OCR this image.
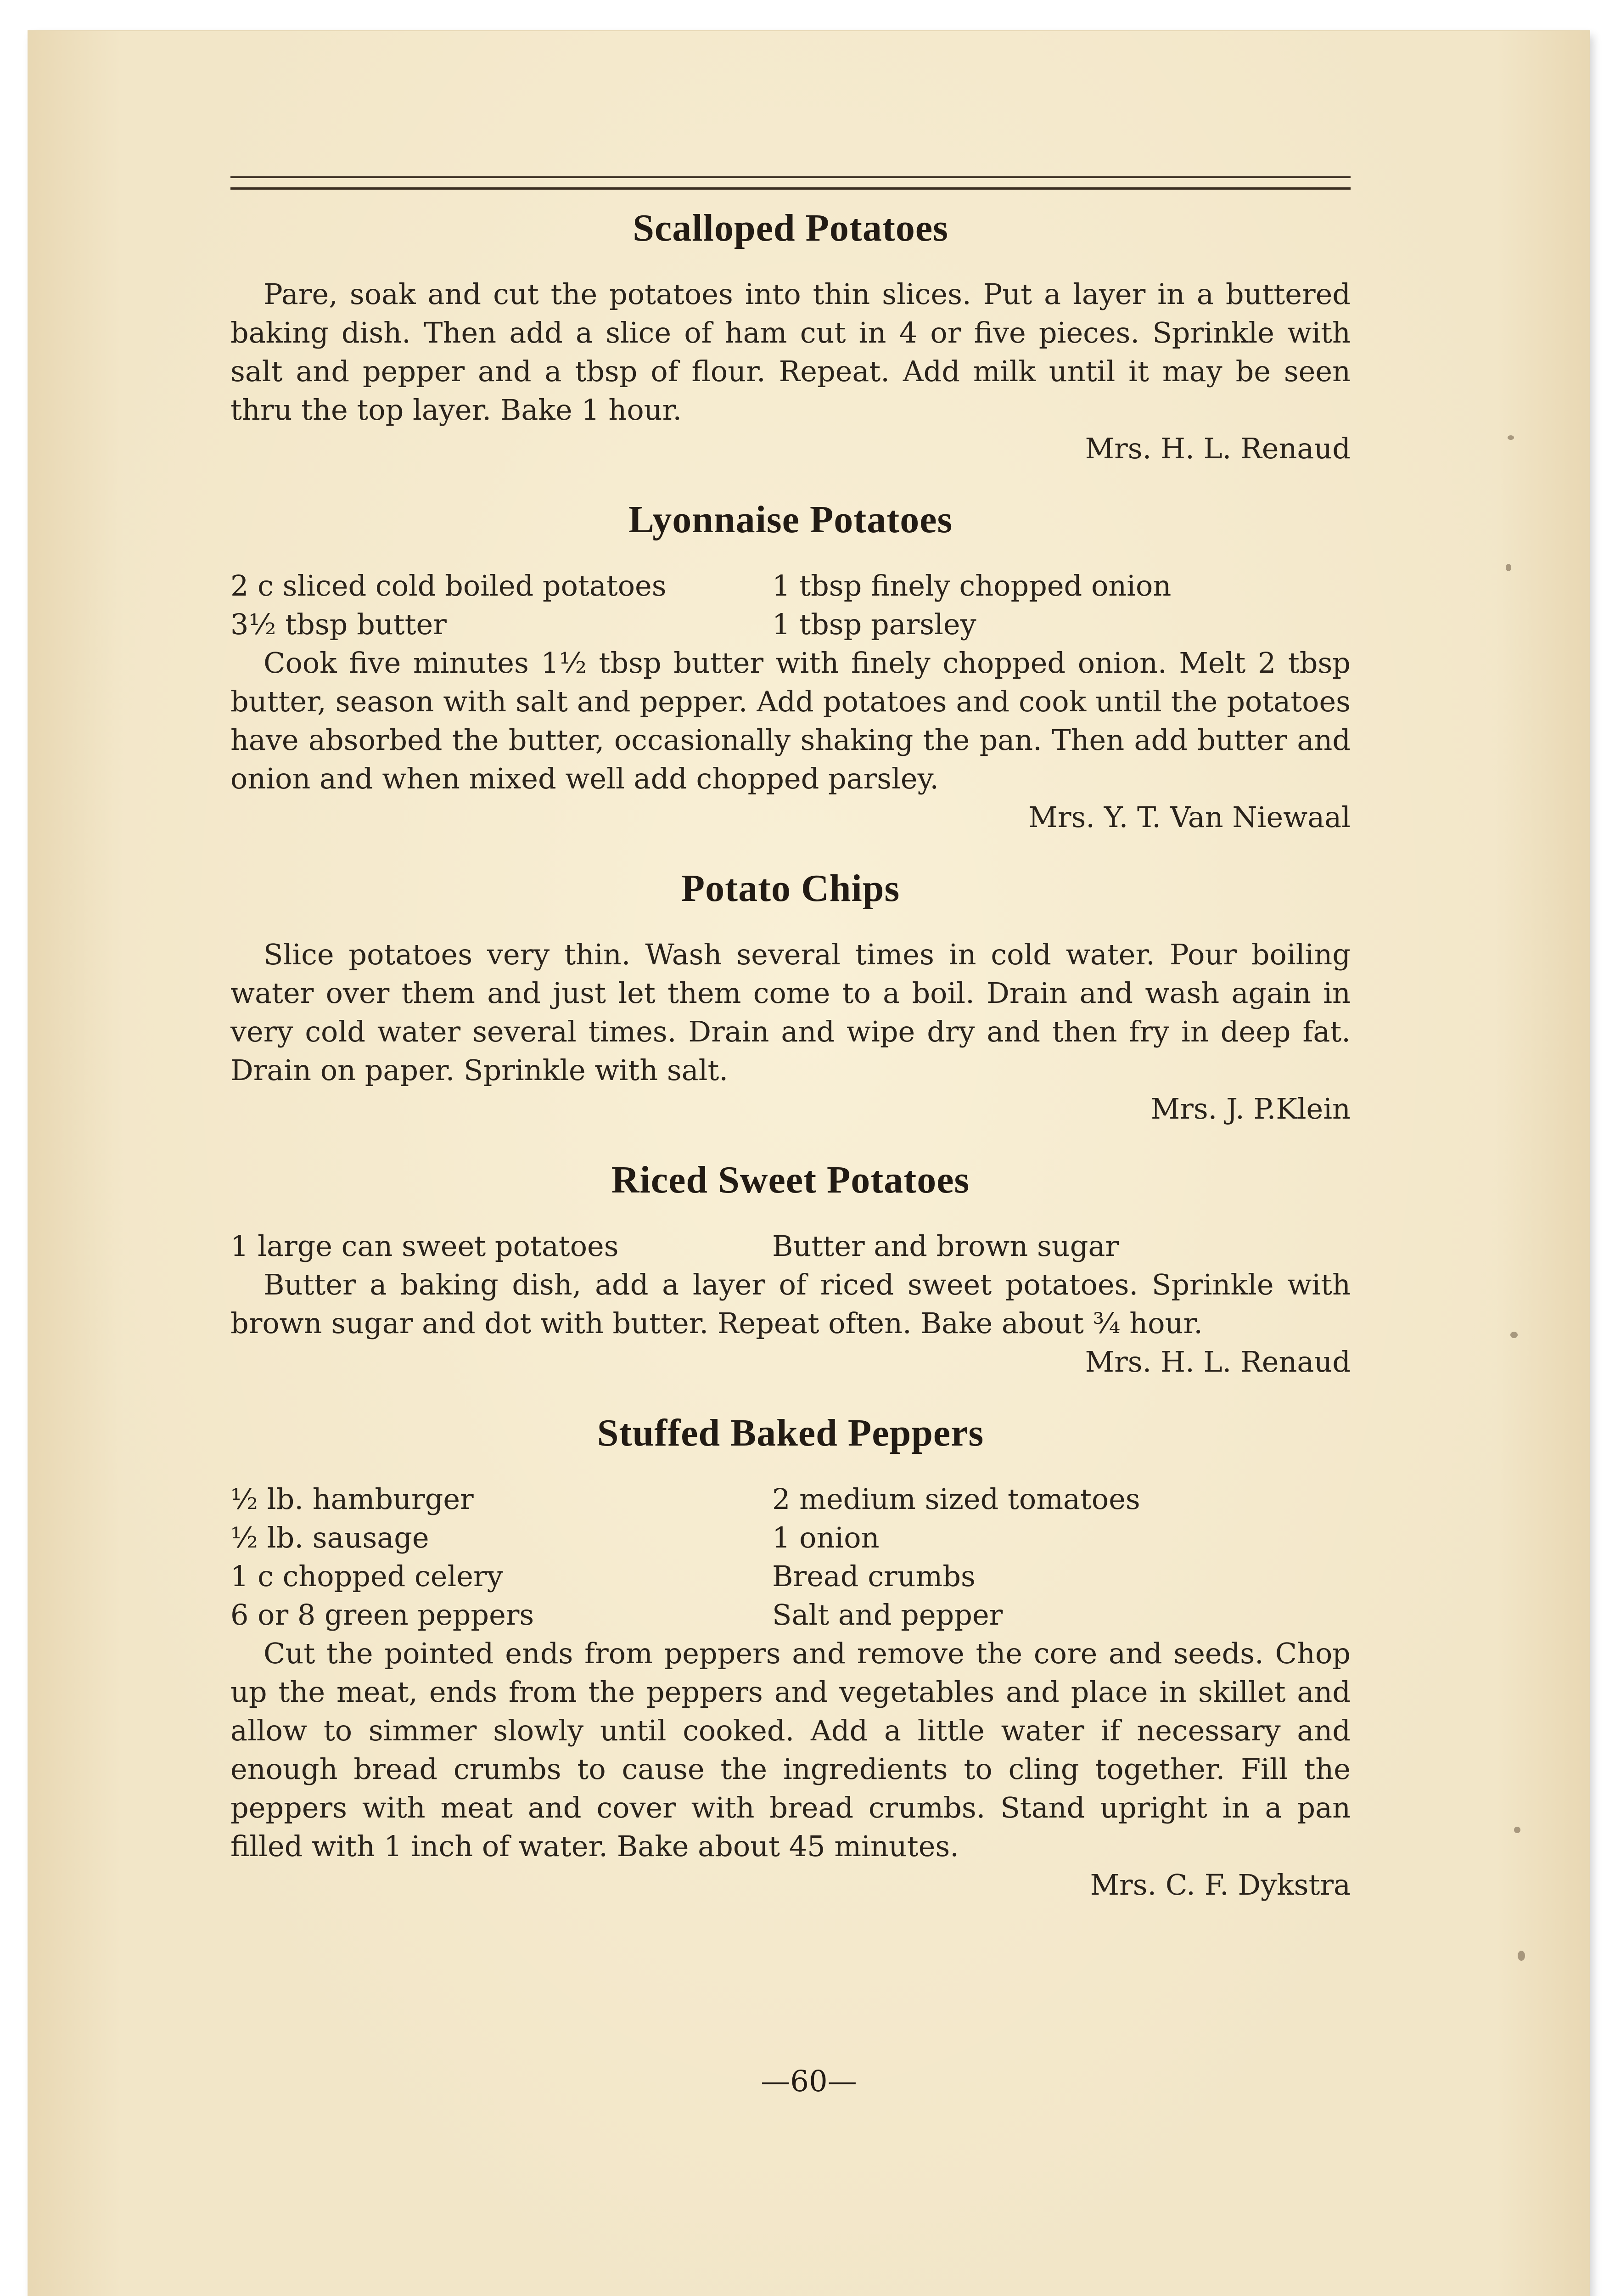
Scalloped Potatoes

Pare, soak and cut the potatoes into thin slices. Put a layer in a buttered baking dish. Then add a slice of ham cut in 4 or five pieces. Sprinkle with salt and pepper and a tbsp of flour. Repeat. Add milk until it may be seen thru the top layer. Bake 1 hour.

Mrs. H. L. Renaud

Lyonnaise Potatoes
2 c sliced cold boiled potatoes	1 tbsp finely chopped onion
3½ tbsp butter	1 tbsp parsley

Cook five minutes 1½ tbsp butter with finely chopped onion. Melt 2 tbsp butter, season with salt and pepper. Add potatoes and cook until the potatoes have absorbed the butter, occasionally shaking the pan. Then add butter and onion and when mixed well add chopped parsley.

Mrs. Y. T. Van Niewaal

Potato Chips

Slice potatoes very thin. Wash several times in cold water. Pour boiling water over them and just let them come to a boil. Drain and wash again in very cold water several times. Drain and wipe dry and then fry in deep fat. Drain on paper. Sprinkle with salt.

Mrs. J. P.Klein

Riced Sweet Potatoes
1 large can sweet potatoes	Butter and brown sugar

Butter a baking dish, add a layer of riced sweet potatoes. Sprinkle with brown sugar and dot with butter. Repeat often. Bake about ¾ hour.

Mrs. H. L. Renaud

Stuffed Baked Peppers
½ lb. hamburger	2 medium sized tomatoes
½ lb. sausage	1 onion
1 c chopped celery	Bread crumbs
6 or 8 green peppers	Salt and pepper

Cut the pointed ends from peppers and remove the core and seeds. Chop up the meat, ends from the peppers and vegetables and place in skillet and allow to simmer slowly until cooked. Add a little water if necessary and enough bread crumbs to cause the ingredients to cling together. Fill the peppers with meat and cover with bread crumbs. Stand upright in a pan filled with 1 inch of water. Bake about 45 minutes.

Mrs. C. F. Dykstra

—60—
